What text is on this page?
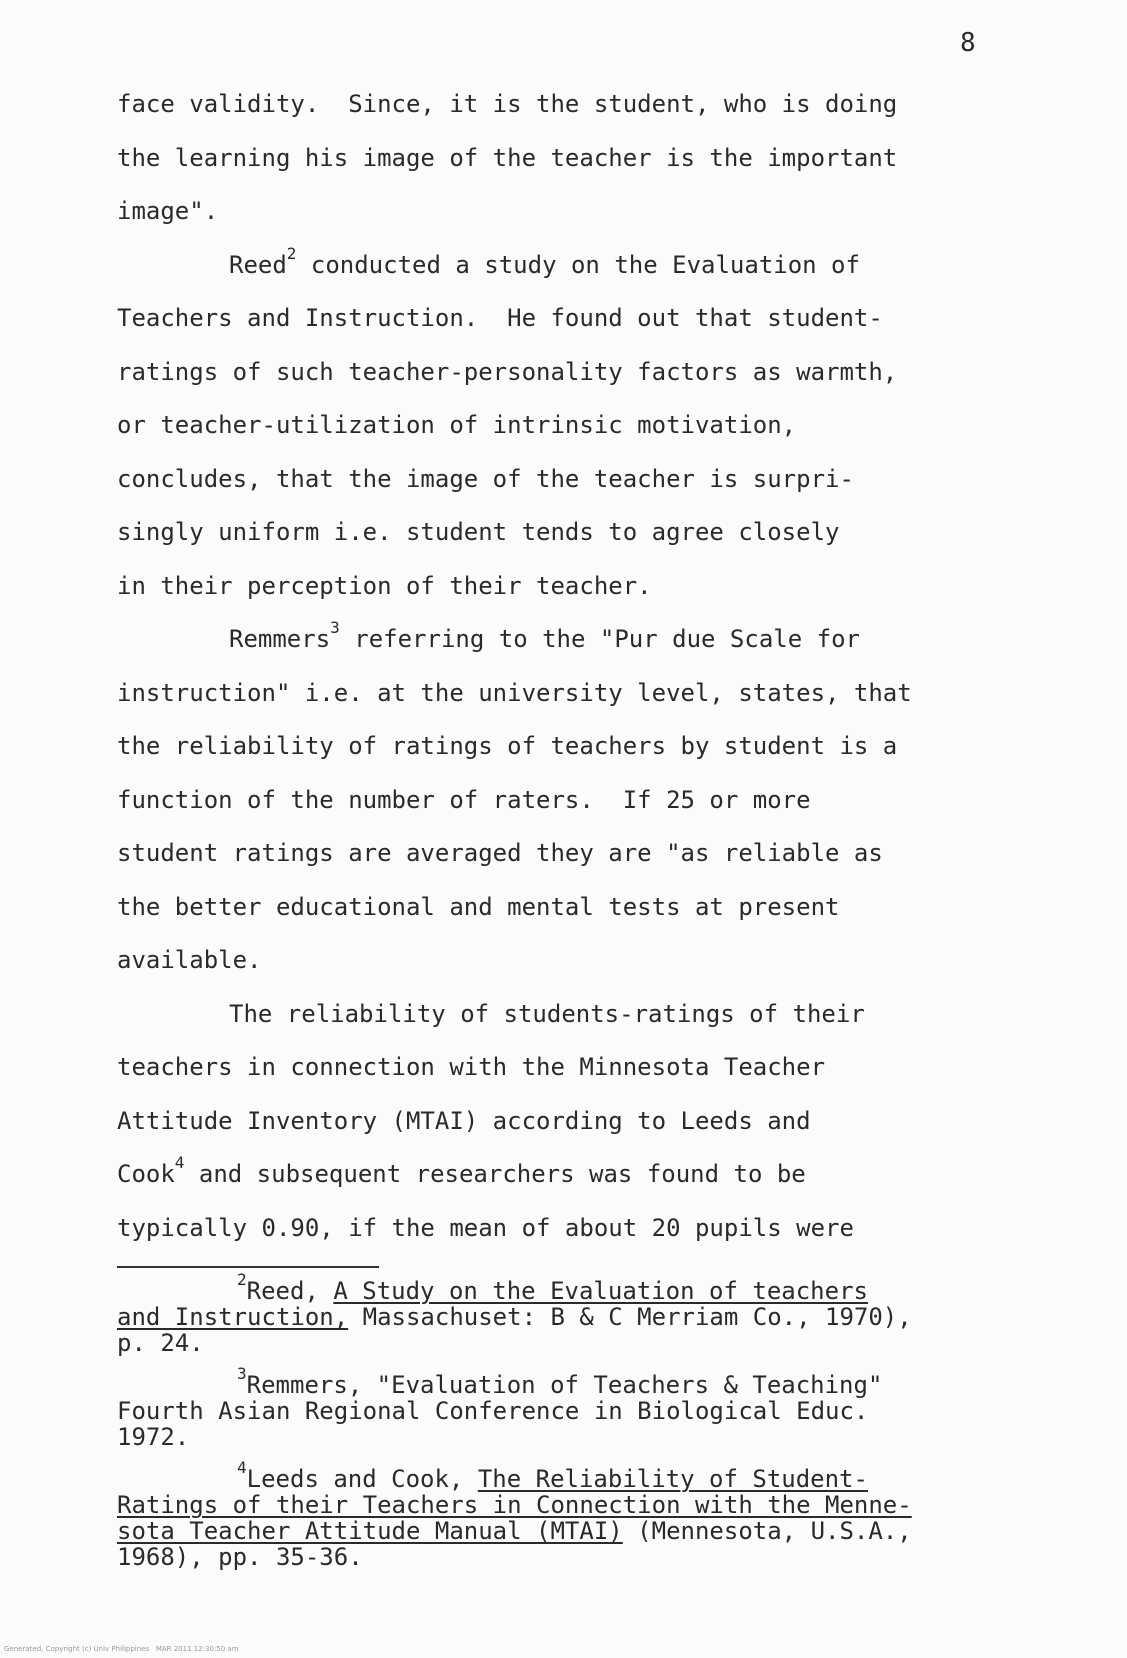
8
face validity.  Since, it is the student, who is doing
the learning his image of the teacher is the important
image".
Reed$^2$ conducted a study on the Evaluation of
Teachers and Instruction.  He found out that student-
ratings of such teacher-personality factors as warmth,
or teacher-utilization of intrinsic motivation,
concludes, that the image of the teacher is surpri-
singly uniform i.e. student tends to agree closely
in their perception of their teacher.
Remmers$^3$ referring to the "Pur due Scale for
instruction" i.e. at the university level, states, that
the reliability of ratings of teachers by student is a
function of the number of raters.  If 25 or more
student ratings are averaged they are "as reliable as
the better educational and mental tests at present
available.
The reliability of students-ratings of their
teachers in connection with the Minnesota Teacher
Attitude Inventory (MTAI) according to Leeds and
Cook$^4$ and subsequent researchers was found to be
typically 0.90, if the mean of about 20 pupils were
$^2$Reed, A Study on the Evaluation of teachers
and Instruction, Massachuset: B & C Merriam Co., 1970),
p. 24.
$^3$Remmers, "Evaluation of Teachers & Teaching"
Fourth Asian Regional Conference in Biological Educ.
1972.
$^4$Leeds and Cook, The Reliability of Student-
Ratings of their Teachers in Connection with the Menne-
sota Teacher Attitude Manual (MTAI) (Mennesota, U.S.A.,
1968), pp. 35-36.
Generated, Copyright (c) Univ Philippines   MAR 2011 12:30:50 am
